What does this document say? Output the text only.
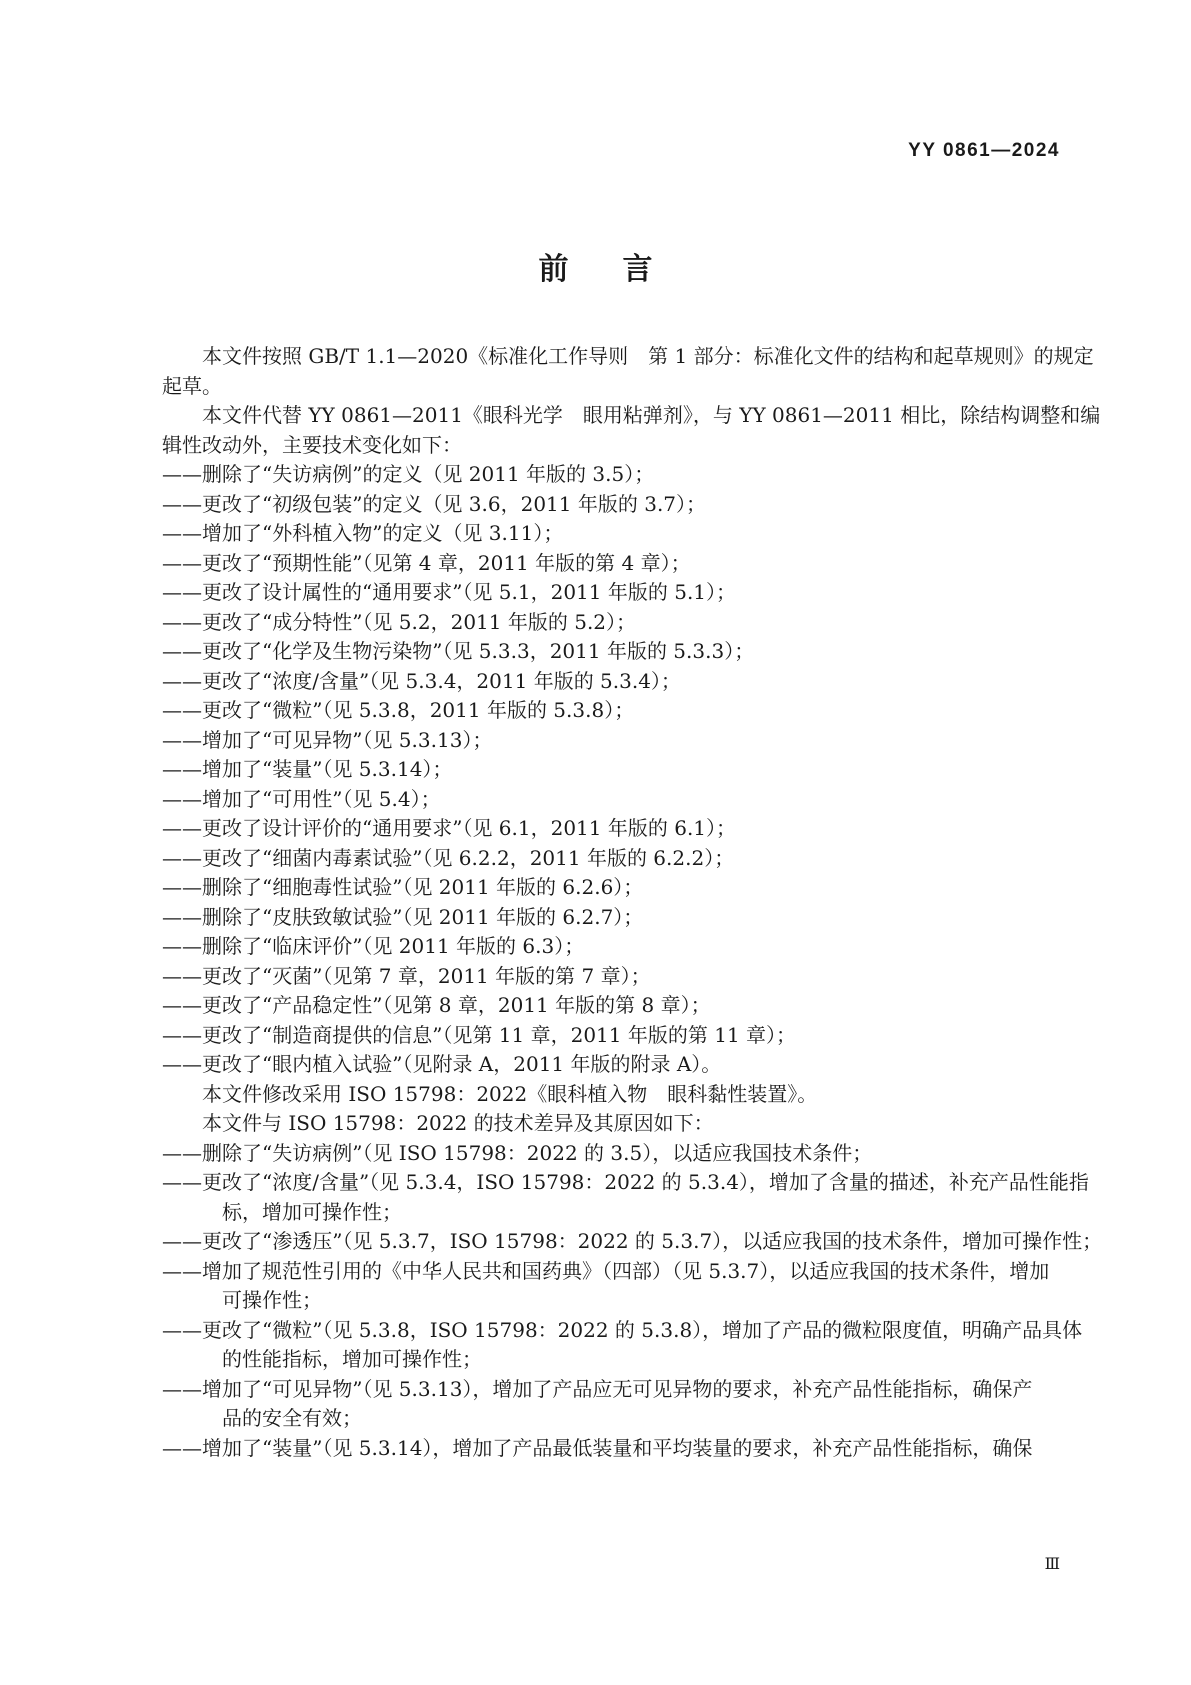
YY 0861—2024
前言
本文件按照 GB/T 1.1—2020《标准化工作导则　第 1 部分：标准化文件的结构和起草规则》的规定
起草。
本文件代替 YY 0861—2011《眼科光学　眼用粘弹剂》，与 YY 0861—2011 相比，除结构调整和编
辑性改动外，主要技术变化如下：
——删除了“失访病例”的定义（见 2011 年版的 3.5）；
——更改了“初级包装”的定义（见 3.6，2011 年版的 3.7）；
——增加了“外科植入物”的定义（见 3.11）；
——更改了“预期性能”（见第 4 章，2011 年版的第 4 章）；
——更改了设计属性的“通用要求”（见 5.1，2011 年版的 5.1）；
——更改了“成分特性”（见 5.2，2011 年版的 5.2）；
——更改了“化学及生物污染物”（见 5.3.3，2011 年版的 5.3.3）；
——更改了“浓度/含量”（见 5.3.4，2011 年版的 5.3.4）；
——更改了“微粒”（见 5.3.8，2011 年版的 5.3.8）；
——增加了“可见异物”（见 5.3.13）；
——增加了“装量”（见 5.3.14）；
——增加了“可用性”（见 5.4）；
——更改了设计评价的“通用要求”（见 6.1，2011 年版的 6.1）；
——更改了“细菌内毒素试验”（见 6.2.2，2011 年版的 6.2.2）；
——删除了“细胞毒性试验”（见 2011 年版的 6.2.6）；
——删除了“皮肤致敏试验”（见 2011 年版的 6.2.7）；
——删除了“临床评价”（见 2011 年版的 6.3）；
——更改了“灭菌”（见第 7 章，2011 年版的第 7 章）；
——更改了“产品稳定性”（见第 8 章，2011 年版的第 8 章）；
——更改了“制造商提供的信息”（见第 11 章，2011 年版的第 11 章）；
——更改了“眼内植入试验”（见附录 A，2011 年版的附录 A）。
本文件修改采用 ISO 15798：2022《眼科植入物　眼科黏性装置》。
本文件与 ISO 15798：2022 的技术差异及其原因如下：
——删除了“失访病例”（见 ISO 15798：2022 的 3.5），以适应我国技术条件；
——更改了“浓度/含量”（见 5.3.4，ISO 15798：2022 的 5.3.4），增加了含量的描述，补充产品性能指
标，增加可操作性；
——更改了“渗透压”（见 5.3.7，ISO 15798：2022 的 5.3.7），以适应我国的技术条件，增加可操作性；
——增加了规范性引用的《中华人民共和国药典》（四部）（见 5.3.7），以适应我国的技术条件，增加
可操作性；
——更改了“微粒”（见 5.3.8，ISO 15798：2022 的 5.3.8），增加了产品的微粒限度值，明确产品具体
的性能指标，增加可操作性；
——增加了“可见异物”（见 5.3.13），增加了产品应无可见异物的要求，补充产品性能指标，确保产
品的安全有效；
——增加了“装量”（见 5.3.14），增加了产品最低装量和平均装量的要求，补充产品性能指标，确保
Ⅲ
